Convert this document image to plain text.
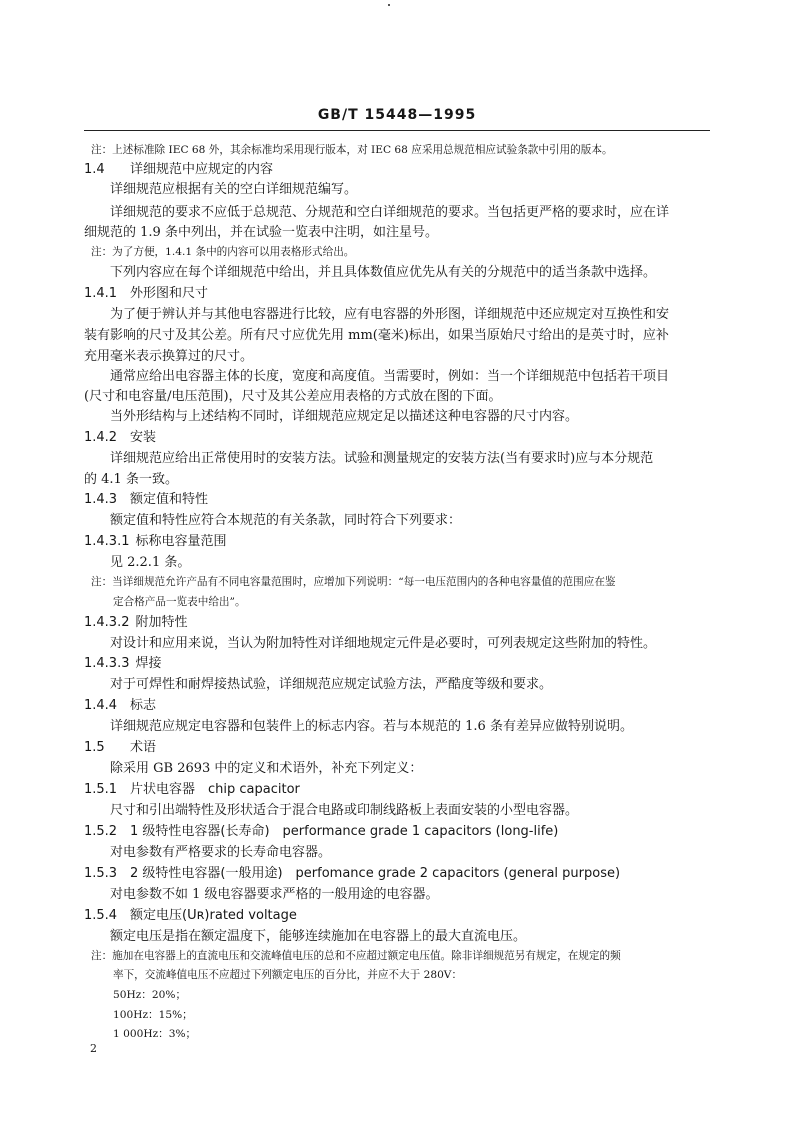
GB/T 15448—1995
注：上述标准除 IEC 68 外，其余标准均采用现行版本，对 IEC 68 应采用总规范相应试验条款中引用的版本。
1.4 详细规范中应规定的内容
详细规范应根据有关的空白详细规范编写。
详细规范的要求不应低于总规范、分规范和空白详细规范的要求。当包括更严格的要求时，应在详
细规范的 1.9 条中列出，并在试验一览表中注明，如注星号。
注：为了方便，1.4.1 条中的内容可以用表格形式给出。
下列内容应在每个详细规范中给出，并且具体数值应优先从有关的分规范中的适当条款中选择。
1.4.1 外形图和尺寸
为了便于辨认并与其他电容器进行比较，应有电容器的外形图，详细规范中还应规定对互换性和安
装有影响的尺寸及其公差。所有尺寸应优先用 mm(毫米)标出，如果当原始尺寸给出的是英寸时，应补
充用毫米表示换算过的尺寸。
通常应给出电容器主体的长度，宽度和高度值。当需要时，例如：当一个详细规范中包括若干项目
(尺寸和电容量/电压范围)，尺寸及其公差应用表格的方式放在图的下面。
当外形结构与上述结构不同时，详细规范应规定足以描述这种电容器的尺寸内容。
1.4.2 安装
详细规范应给出正常使用时的安装方法。试验和测量规定的安装方法(当有要求时)应与本分规范
的 4.1 条一致。
1.4.3 额定值和特性
额定值和特性应符合本规范的有关条款，同时符合下列要求：
1.4.3.1 标称电容量范围
见 2.2.1 条。
注：当详细规范允许产品有不同电容量范围时，应增加下列说明：“每一电压范围内的各种电容量值的范围应在鉴
定合格产品一览表中给出”。
1.4.3.2 附加特性
对设计和应用来说，当认为附加特性对详细地规定元件是必要时，可列表规定这些附加的特性。
1.4.3.3 焊接
对于可焊性和耐焊接热试验，详细规范应规定试验方法，严酷度等级和要求。
1.4.4 标志
详细规范应规定电容器和包装件上的标志内容。若与本规范的 1.6 条有差异应做特别说明。
1.5 术语
除采用 GB 2693 中的定义和术语外，补充下列定义：
1.5.1 片状电容器　chip capacitor
尺寸和引出端特性及形状适合于混合电路或印制线路板上表面安装的小型电容器。
1.5.2 1 级特性电容器(长寿命)　performance grade 1 capacitors (long-life)
对电参数有严格要求的长寿命电容器。
1.5.3 2 级特性电容器(一般用途)　perfomance grade 2 capacitors (general purpose)
对电参数不如 1 级电容器要求严格的一般用途的电容器。
1.5.4 额定电压(Uʀ)rated voltage
额定电压是指在额定温度下，能够连续施加在电容器上的最大直流电压。
注：施加在电容器上的直流电压和交流峰值电压的总和不应超过额定电压值。除非详细规范另有规定，在规定的频
率下，交流峰值电压不应超过下列额定电压的百分比，并应不大于 280V：
50Hz：20%；
100Hz：15%；
1 000Hz：3%；
2
